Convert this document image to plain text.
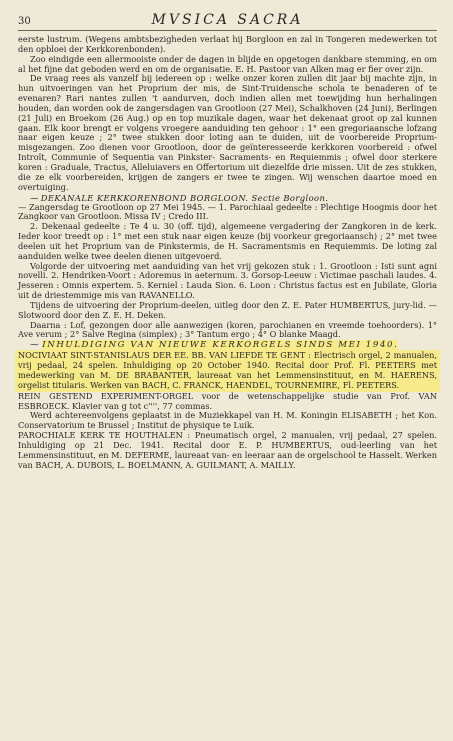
30	MVSICA SACRA

eerste lustrum. (Wegens ambtsbezigheden verlaat hij Borgloon en zal in Tongeren medewerken tot den opbloei der Kerkkorenbonden).

Zoo eindigde een allermooiste onder de dagen in blijde en opgetogen dankbare stemming, en om al het fijne dat geboden werd en om de organisatie. E. H. Pastoor van Alken mag er fier over zijn.

De vraag rees als vanzelf bij iedereen op : welke onzer koren zullen dit jaar bij machte zijn, in hun uitvoeringen van het Proprium der mis, de Sint-Truidensche schola te benaderen of te evenaren? Rari nantes zullen 't aandurven, doch indien allen met toewijding hun herhalingen houden, dan worden ook de zangersdagen van Grootloon (27 Mei), Schalkhoven (24 Juni), Berlingen (21 Juli) en Broekom (26 Aug.) op en top muzikale dagen, waar het dekenaat groot op zal kunnen gaan. Elk koor brengt er volgens vroegere aanduiding ten gehoor : 1° een gregoriaansche lofzang naar eigen keuze ; 2° twee stukken door loting aan te duiden, uit de voorbereide Proprium-misgezangen. Zoo dienen voor Grootloon, door de geïnteresseerde kerkkoren voorbereid : ofwel Introït, Communie of Sequentia van Pinkster- Sacraments- en Requiemmis ; ofwel door sterkere koren : Graduale, Tractus, Alleluiavers en Offertorium uit diezelfde drie missen. Uit de zes stukken, die ze elk voorbereiden, krijgen de zangers er twee te zingen. Wij wenschen daartoe moed en overtuiging.

⁓ DEKANALE KERKKORENBOND BORGLOON. Sectie Borgloon.

— Zangersdag te Grootloon op 27 Mei 1945. — 1. Parochiaal gedeelte : Plechtige Hoogmis door het Zangkoor van Grootloon. Missa IV ; Credo III.

2. Dekenaal gedeelte : Te 4 u. 30 (off. tijd), algemeene vergadering der Zangkoren in de kerk. Ieder koor treedt op : 1° met een stuk naar eigen keuze (bij voorkeur gregoriaansch) ; 2° met twee deelen uit het Proprium van de Pinkstermis, de H. Sacramentsmis en Requiemmis. De loting zal aanduiden welke twee deelen dienen uitgevoerd.

Volgorde der uitvoering met aanduiding van het vrij gekozen stuk : 1. Grootloon : Isti sunt agni novelli. 2. Hendriken-Voort : Adoremus in aeternum. 3. Gorsop-Leeuw : Victimae paschali laudes. 4. Jesseren : Omnis expertem. 5. Kerniel : Lauda Sion. 6. Loon : Christus factus est en Jubilate, Gloria uit de driestemmige mis van RAVANELLO.

Tijdens de uitvoering der Proprium-deelen, uitleg door den Z. E. Pater HUMBERTUS, jury-lid. — Slotwoord door den Z. E. H. Deken.

Daarna : Lof, gezongen door alle aanwezigen (koren, parochianen en vreemde toehoorders). 1° Ave verum ; 2° Salve Regina (simplex) ; 3° Tantum ergo ; 4° O blanke Maagd.

⁓ INHULDIGING VAN NIEUWE KERKORGELS SINDS MEI 1940.

NOCIVIAAT SINT-STANISLAUS DER EE. BB. VAN LIEFDE TE GENT : Electrisch orgel, 2 manualen, vrij pedaal, 24 spelen. Inhuldiging op 20 October 1940. Recital door Prof. Fl. PEETERS met medewerking van M. DE BRABANTER, laureaat van het Lemmensinstituut, en M. HAERENS, orgelist titularis. Werken van BACH, C. FRANCK, HAENDEL, TOURNEMIRE, Fl. PEETERS.

REIN GESTEND EXPERIMENT-ORGEL voor de wetenschappelijke studie van Prof. VAN ESBROECK. Klavier van g tot c'''', 77 commas.

Werd achtereenvolgens geplaatst in de Muziekkapel van H. M. Koningin ELISABETH ; het Kon. Conservatorium te Brussel ; Institut de physique te Luik.

PAROCHIALE KERK TE HOUTHALEN : Pneumatisch orgel, 2 manualen, vrij pedaal, 27 spelen. Inhuldiging op 21 Dec. 1941. Recital door E. P. HUMBERTUS, oud-leerling van het Lemmensinstituut, en M. DEFERME, laureaat van- en leeraar aan de orgelschool te Hasselt. Werken van BACH, A. DUBOIS, L. BOELMANN, A. GUILMANT, A. MAILLY.
